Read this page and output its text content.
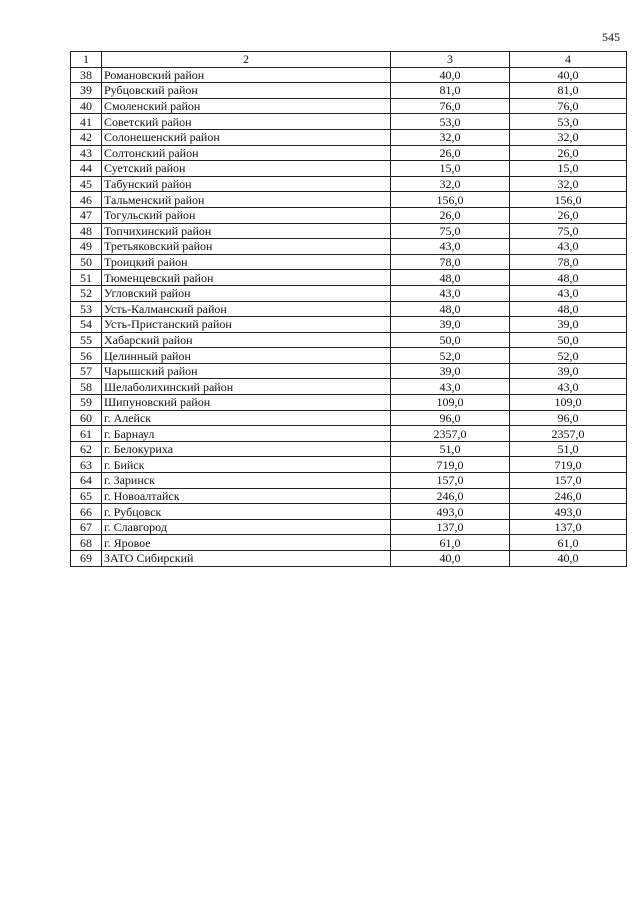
545
1	2	3	4
38	Романовский район	40,0	40,0
39	Рубцовский район	81,0	81,0
40	Смоленский район	76,0	76,0
41	Советский район	53,0	53,0
42	Солонешенский район	32,0	32,0
43	Солтонский район	26,0	26,0
44	Суетский район	15,0	15,0
45	Табунский район	32,0	32,0
46	Тальменский район	156,0	156,0
47	Тогульский район	26,0	26,0
48	Топчихинский район	75,0	75,0
49	Третьяковский район	43,0	43,0
50	Троицкий район	78,0	78,0
51	Тюменцевский район	48,0	48,0
52	Угловский район	43,0	43,0
53	Усть-Калманский район	48,0	48,0
54	Усть-Пристанский район	39,0	39,0
55	Хабарский район	50,0	50,0
56	Целинный район	52,0	52,0
57	Чарышский район	39,0	39,0
58	Шелаболихинский район	43,0	43,0
59	Шипуновский район	109,0	109,0
60	г. Алейск	96,0	96,0
61	г. Барнаул	2357,0	2357,0
62	г. Белокуриха	51,0	51,0
63	г. Бийск	719,0	719,0
64	г. Заринск	157,0	157,0
65	г. Новоалтайск	246,0	246,0
66	г. Рубцовск	493,0	493,0
67	г. Славгород	137,0	137,0
68	г. Яровое	61,0	61,0
69	ЗАТО Сибирский	40,0	40,0
